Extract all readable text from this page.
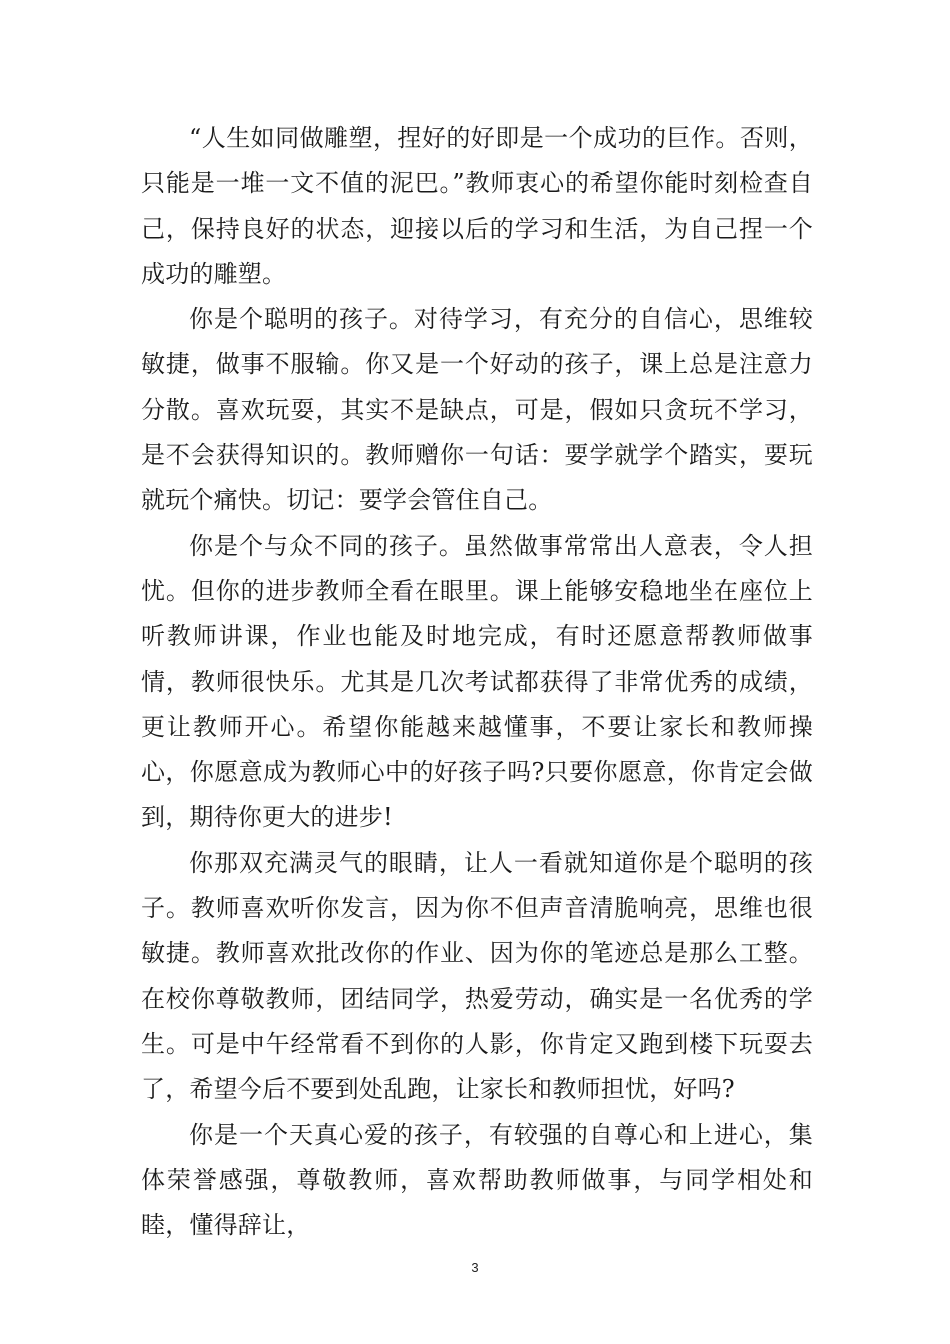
“人生如同做雕塑，捏好的好即是一个成功的巨作。否则，只能是一堆一文不值的泥巴。”教师衷心的希望你能时刻检查自己，保持良好的状态，迎接以后的学习和生活，为自己捏一个成功的雕塑。

你是个聪明的孩子。对待学习，有充分的自信心，思维较敏捷，做事不服输。你又是一个好动的孩子，课上总是注意力分散。喜欢玩耍，其实不是缺点，可是，假如只贪玩不学习，是不会获得知识的。教师赠你一句话：要学就学个踏实，要玩就玩个痛快。切记：要学会管住自己。

你是个与众不同的孩子。虽然做事常常出人意表，令人担忧。但你的进步教师全看在眼里。课上能够安稳地坐在座位上听教师讲课，作业也能及时地完成，有时还愿意帮教师做事情，教师很快乐。尤其是几次考试都获得了非常优秀的成绩，更让教师开心。希望你能越来越懂事，不要让家长和教师操心，你愿意成为教师心中的好孩子吗?只要你愿意，你肯定会做到，期待你更大的进步!

你那双充满灵气的眼睛，让人一看就知道你是个聪明的孩子。教师喜欢听你发言，因为你不但声音清脆响亮，思维也很敏捷。教师喜欢批改你的作业、因为你的笔迹总是那么工整。在校你尊敬教师，团结同学，热爱劳动，确实是一名优秀的学生。可是中午经常看不到你的人影，你肯定又跑到楼下玩耍去了，希望今后不要到处乱跑，让家长和教师担忧，好吗?

你是一个天真心爱的孩子，有较强的自尊心和上进心，集体荣誉感强，尊敬教师，喜欢帮助教师做事，与同学相处和睦，懂得辞让，

3
